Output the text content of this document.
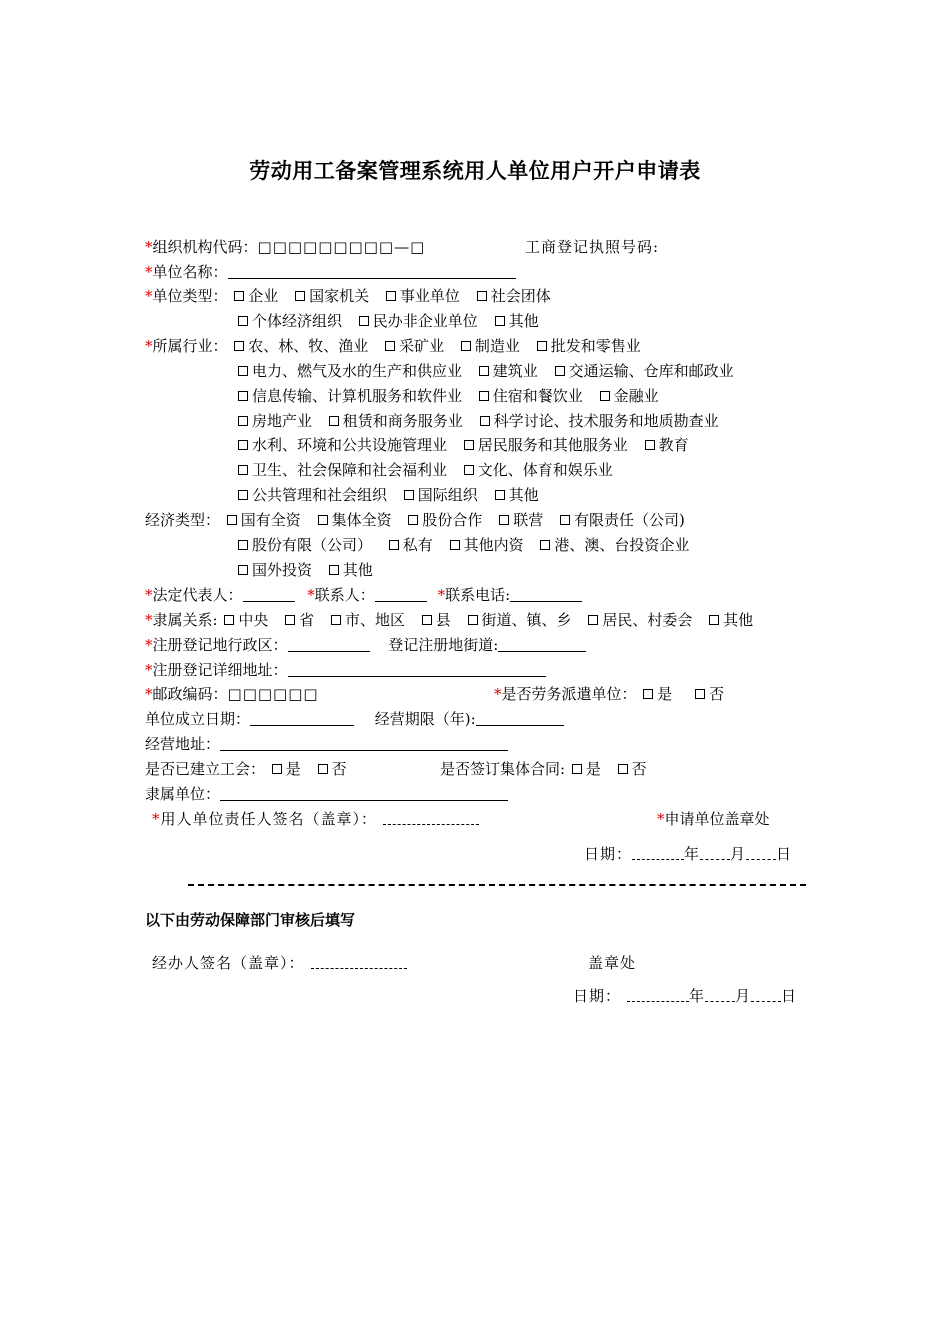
劳动用工备案管理系统用人单位用户开户申请表
*组织机构代码：□□□□□□□□□—□	工商登记执照号码:
*单位名称：
*单位类型： 企业 国家机关 事业单位 社会团体
个体经济组织 民办非企业单位 其他
*所属行业： 农、林、牧、渔业 采矿业 制造业 批发和零售业
电力、燃气及水的生产和供应业 建筑业 交通运输、仓库和邮政业
信息传输、计算机服务和软件业 住宿和餐饮业 金融业
房地产业 租赁和商务服务业 科学讨论、技术服务和地质勘查业
水利、环境和公共设施管理业 居民服务和其他服务业 教育
卫生、社会保障和社会福利业 文化、体育和娱乐业
公共管理和社会组织 国际组织 其他
经济类型： 国有全资 集体全资 股份合作 联营 有限责任（公司)
股份有限（公司） 私有 其他内资 港、澳、台投资企业
国外投资 其他
*法定代表人：	*联系人：	*联系电话:
*隶属关系: 中央 省 市、地区 县 街道、镇、乡 居民、村委会 其他
*注册登记地行政区：	登记注册地街道:
*注册登记详细地址：
*邮政编码：□□□□□□	*是否劳务派遣单位： 是 否
单位成立日期：	经营期限（年):
经营地址：
是否已建立工会： 是 否	是否签订集体合同: 是 否
隶属单位：
*用人单位责任人签名（盖章）：	*申请单位盖章处
日期：	年 月 日
以下由劳动保障部门审核后填写
经办人签名（盖章）：	盖章处
日期：	年 月 日
